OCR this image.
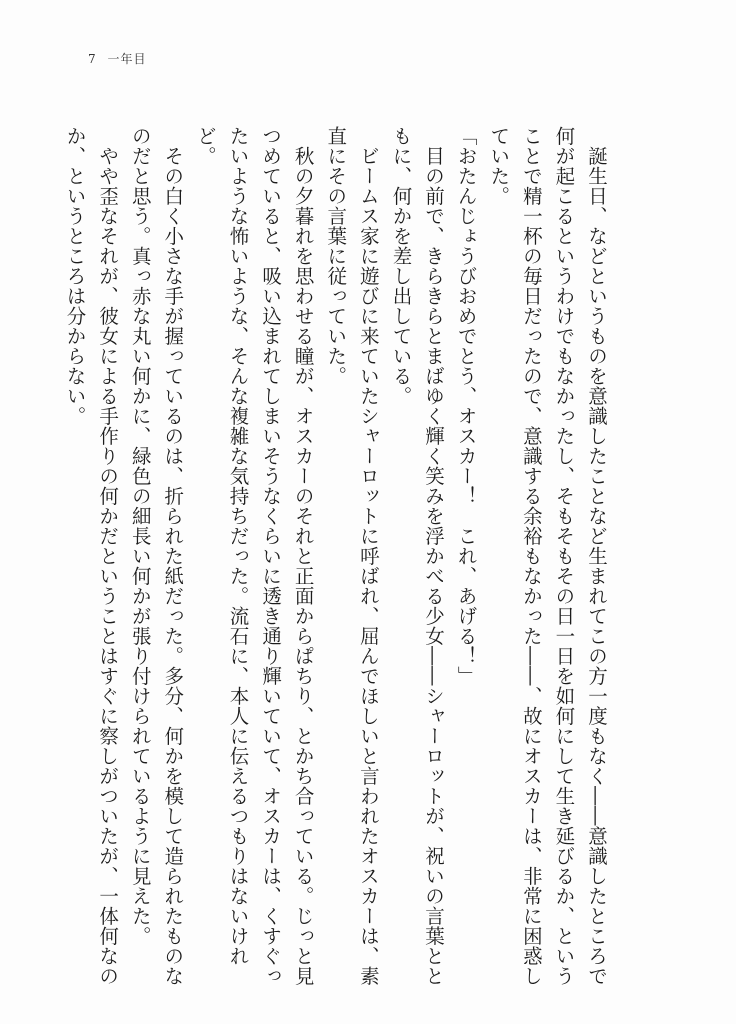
7 一年目

誕生日、などというものを意識したことなど生まれてこの方一度もなく――意識したところで何が起こるというわけでもなかったし、そもそもその日一日を如何にして生き延びるか、ということで精一杯の毎日だったので、意識する余裕もなかった――、故にオスカーは、非常に困惑していた。

「おたんじょうびおめでとう、オスカー！　これ、あげる！」

目の前で、きらきらとまばゆく輝く笑みを浮かべる少女――シャーロットが、祝いの言葉とともに、何かを差し出している。

ビームス家に遊びに来ていたシャーロットに呼ばれ、屈んでほしいと言われたオスカーは、素直にその言葉に従っていた。

秋の夕暮れを思わせる瞳が、オスカーのそれと正面からぱちり、とかち合っている。じっと見つめていると、吸い込まれてしまいそうなくらいに透き通り輝いていて、オスカーは、くすぐったいような怖いような、そんな複雑な気持ちだった。流石に、本人に伝えるつもりはないけれど。

その白く小さな手が握っているのは、折られた紙だった。多分、何かを模して造られたものなのだと思う。真っ赤な丸い何かに、緑色の細長い何かが張り付けられているように見えた。

やや歪なそれが、彼女による手作りの何かだということはすぐに察しがついたが、一体何なのか、というところは分からない。
